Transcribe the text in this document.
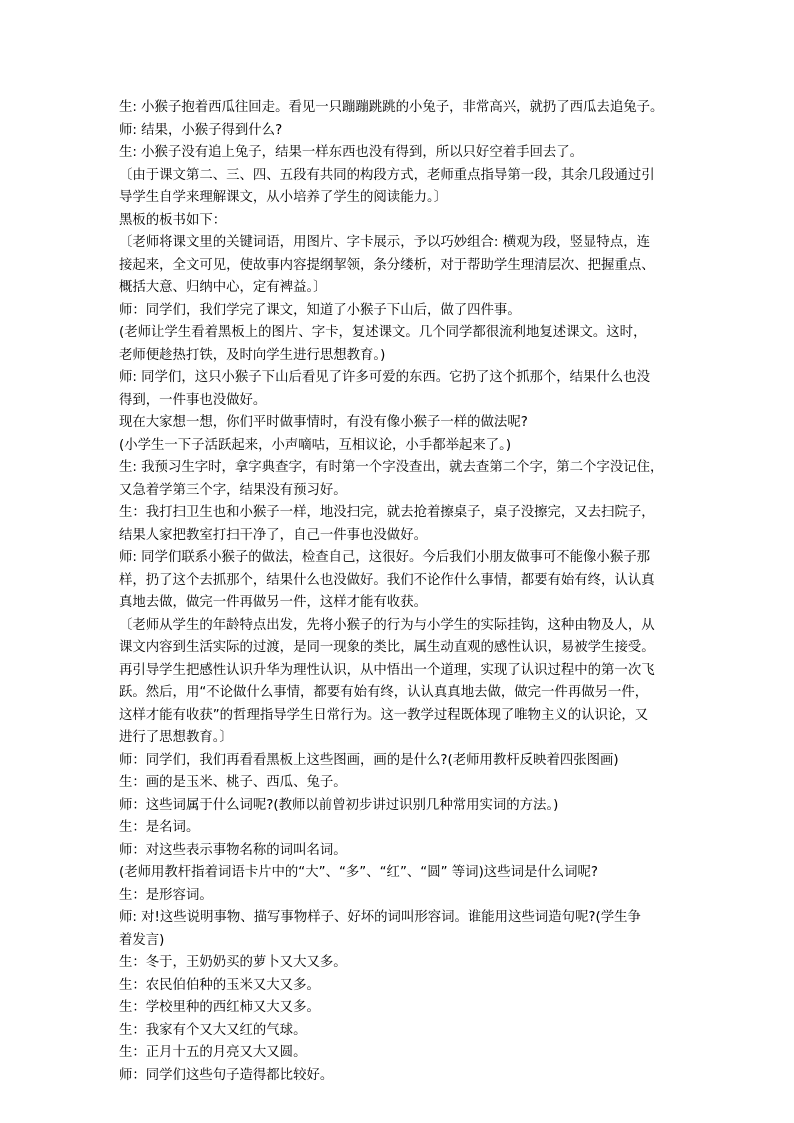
生: 小猴子抱着西瓜往回走。看见一只蹦蹦跳跳的小兔子，非常高兴，就扔了西瓜去追兔子。
师: 结果，小猴子得到什么?
生: 小猴子没有追上兔子，结果一样东西也没有得到，所以只好空着手回去了。
〔由于课文第二、三、四、五段有共同的构段方式，老师重点指导第一段，其余几段通过引
导学生自学来理解课文，从小培养了学生的阅读能力。〕
黑板的板书如下：
〔老师将课文里的关键词语，用图片、字卡展示，予以巧妙组合: 横观为段，竖显特点，连
接起来，全文可见，使故事内容提纲挈领，条分缕析，对于帮助学生理清层次、把握重点、
概括大意、归纳中心，定有裨益。〕
师：同学们，我们学完了课文，知道了小猴子下山后，做了四件事。
(老师让学生看着黑板上的图片、字卡，复述课文。几个同学都很流利地复述课文。这时，
老师便趁热打铁，及时向学生进行思想教育。)
师: 同学们，这只小猴子下山后看见了许多可爱的东西。它扔了这个抓那个，结果什么也没
得到，一件事也没做好。
现在大家想一想，你们平时做事情时，有没有像小猴子一样的做法呢?
(小学生一下子活跃起来，小声嘀咕，互相议论，小手都举起来了。)
生: 我预习生字时，拿字典查字，有时第一个字没查出，就去查第二个字，第二个字没记住，
又急着学第三个字，结果没有预习好。
生：我打扫卫生也和小猴子一样，地没扫完，就去抢着擦桌子，桌子没擦完，又去扫院子，
结果人家把教室打扫干净了，自己一件事也没做好。
师: 同学们联系小猴子的做法，检查自己，这很好。今后我们小朋友做事可不能像小猴子那
样，扔了这个去抓那个，结果什么也没做好。我们不论作什么事情，都要有始有终，认认真
真地去做，做完一件再做另一件，这样才能有收获。
〔老师从学生的年龄特点出发，先将小猴子的行为与小学生的实际挂钩，这种由物及人，从
课文内容到生活实际的过渡，是同一现象的类比，属生动直观的感性认识，易被学生接受。
再引导学生把感性认识升华为理性认识，从中悟出一个道理，实现了认识过程中的第一次飞
跃。然后，用“不论做什么事情，都要有始有终，认认真真地去做，做完一件再做另一件，
这样才能有收获”的哲理指导学生日常行为。这一教学过程既体现了唯物主义的认识论，又
进行了思想教育。〕
师：同学们，我们再看看黑板上这些图画，画的是什么?(老师用教杆反映着四张图画)
生：画的是玉米、桃子、西瓜、兔子。
师：这些词属于什么词呢?(教师以前曾初步讲过识别几种常用实词的方法。)
生：是名词。
师：对这些表示事物名称的词叫名词。
(老师用教杆指着词语卡片中的“大”、“多”、“红”、“圆” 等词)这些词是什么词呢?
生：是形容词。
师: 对!这些说明事物、描写事物样子、好坏的词叫形容词。谁能用这些词造句呢?(学生争
着发言)
生：冬于，王奶奶买的萝卜又大又多。
生：农民伯伯种的玉米又大又多。
生：学校里种的西红柿又大又多。
生：我家有个又大又红的气球。
生：正月十五的月亮又大又圆。
师：同学们这些句子造得都比较好。
